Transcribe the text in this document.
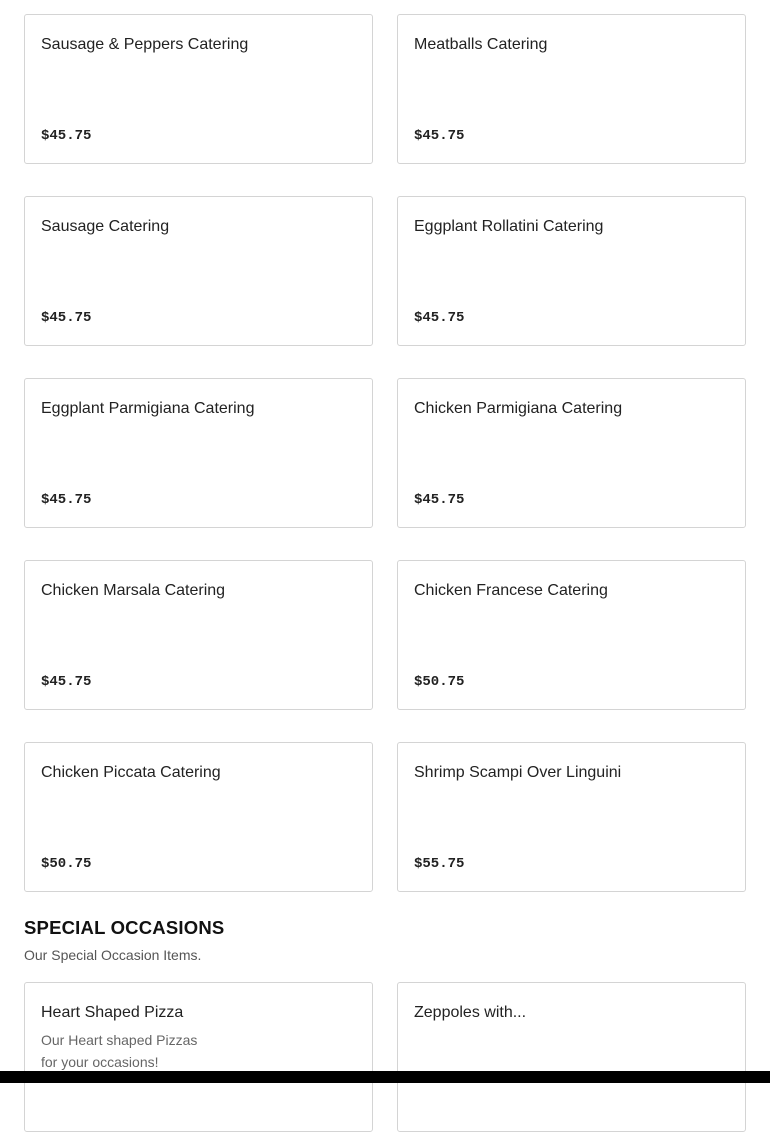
Sausage & Peppers Catering
$45.75
Meatballs Catering
$45.75
Sausage Catering
$45.75
Eggplant Rollatini Catering
$45.75
Eggplant Parmigiana Catering
$45.75
Chicken Parmigiana Catering
$45.75
Chicken Marsala Catering
$45.75
Chicken Francese Catering
$50.75
Chicken Piccata Catering
$50.75
Shrimp Scampi Over Linguini
$55.75
SPECIAL OCCASIONS
Our Special Occasion Items.
Heart Shaped Pizza
Our Heart shaped Pizzas for your occasions!
Zeppoles with...
